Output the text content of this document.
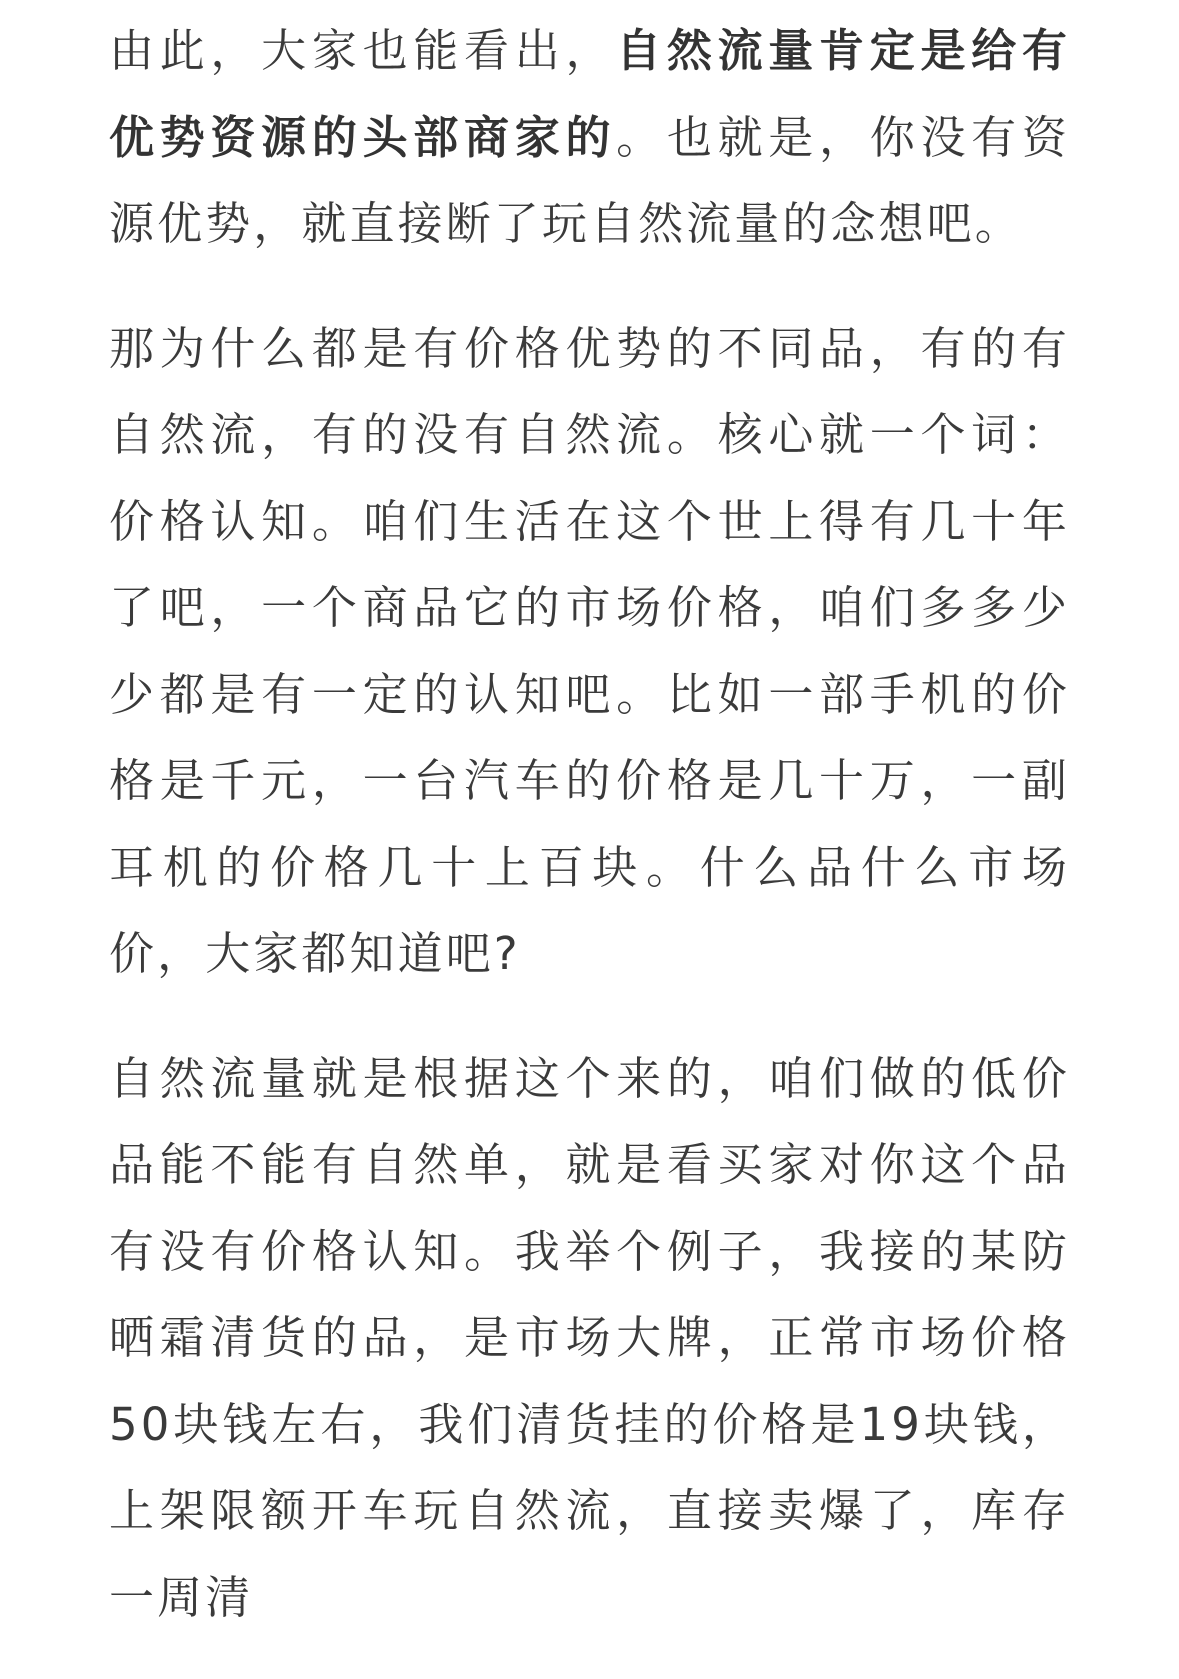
由此，大家也能看出，自然流量肯定是给有优势资源的头部商家的。也就是，你没有资源优势，就直接断了玩自然流量的念想吧。

那为什么都是有价格优势的不同品，有的有自然流，有的没有自然流。核心就一个词：价格认知。咱们生活在这个世上得有几十年了吧，一个商品它的市场价格，咱们多多少少都是有一定的认知吧。比如一部手机的价格是千元，一台汽车的价格是几十万，一副耳机的价格几十上百块。什么品什么市场价，大家都知道吧?

自然流量就是根据这个来的，咱们做的低价品能不能有自然单，就是看买家对你这个品有没有价格认知。我举个例子，我接的某防晒霜清货的品，是市场大牌，正常市场价格50块钱左右，我们清货挂的价格是19块钱，上架限额开车玩自然流，直接卖爆了，库存一周清
